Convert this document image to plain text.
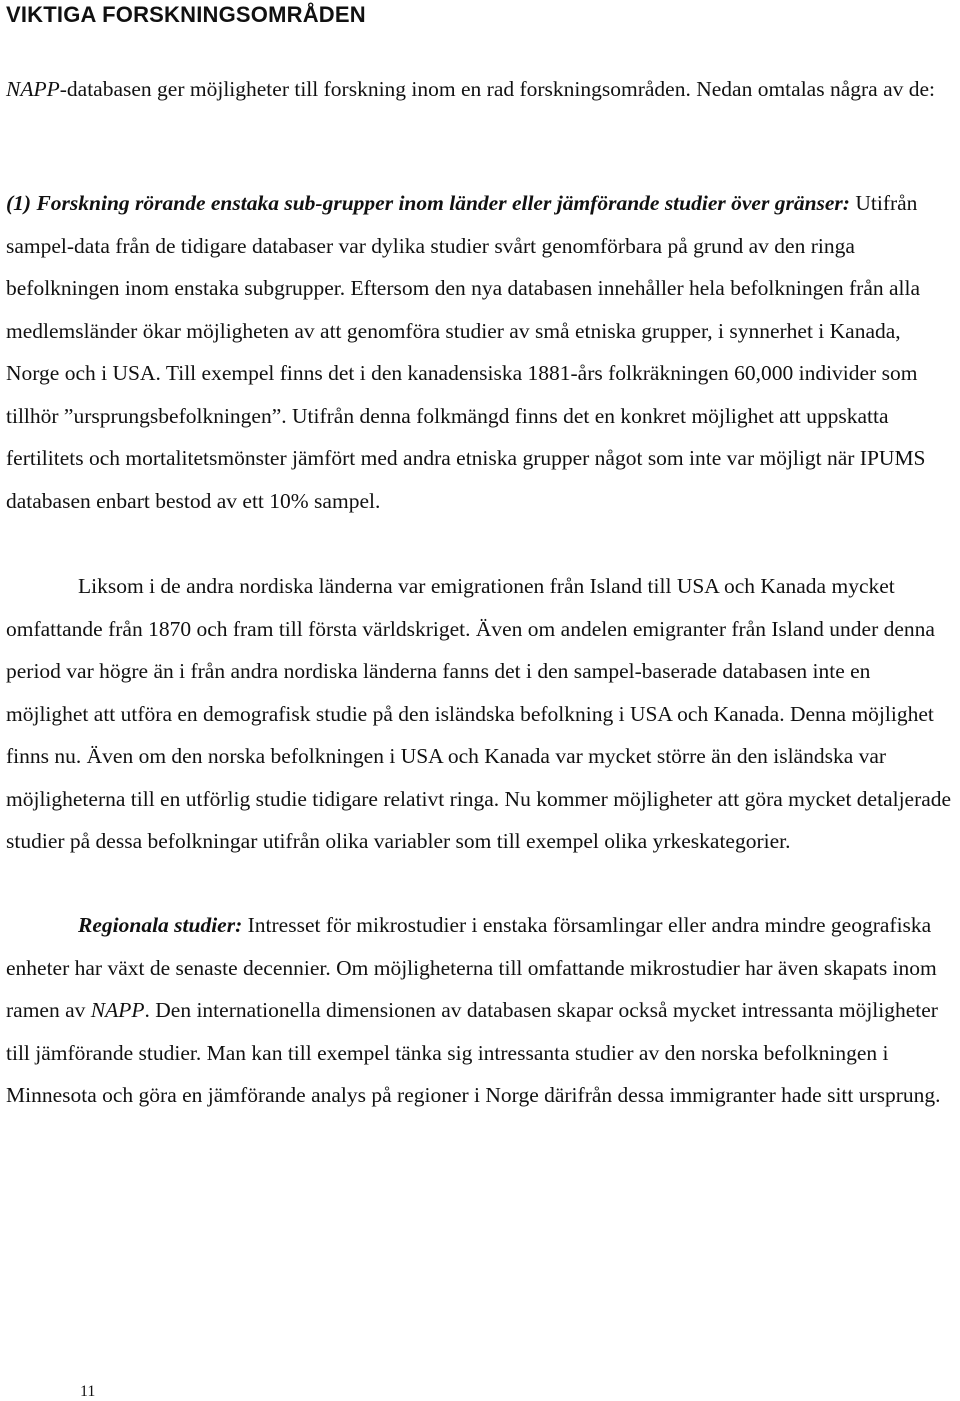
VIKTIGA FORSKNINGSOMRÅDEN

NAPP-databasen ger möjligheter till forskning inom en rad forskningsområden. Nedan omtalas några av de:

(1) Forskning rörande enstaka sub-grupper inom länder eller jämförande studier över gränser: Utifrån sampel-data från de tidigare databaser var dylika studier svårt genomförbara på grund av den ringa befolkningen inom enstaka subgrupper. Eftersom den nya databasen innehåller hela befolkningen från alla medlemsländer ökar möjligheten av att genomföra studier av små etniska grupper, i synnerhet i Kanada, Norge och i USA. Till exempel finns det i den kanadensiska 1881-års folkräkningen 60,000 individer som tillhör ”ursprungsbefolkningen”. Utifrån denna folkmängd finns det en konkret möjlighet att uppskatta fertilitets och mortalitetsmönster jämfört med andra etniska grupper något som inte var möjligt när IPUMS databasen enbart bestod av ett 10% sampel.

Liksom i de andra nordiska länderna var emigrationen från Island till USA och Kanada mycket omfattande från 1870 och fram till första världskriget. Även om andelen emigranter från Island under denna period var högre än i från andra nordiska länderna fanns det i den sampel-baserade databasen inte en möjlighet att utföra en demografisk studie på den isländska befolkning i USA och Kanada. Denna möjlighet finns nu. Även om den norska befolkningen i USA och Kanada var mycket större än den isländska var möjligheterna till en utförlig studie tidigare relativt ringa. Nu kommer möjligheter att göra mycket detaljerade studier på dessa befolkningar utifrån olika variabler som till exempel olika yrkeskategorier.

Regionala studier: Intresset för mikrostudier i enstaka församlingar eller andra mindre geografiska enheter har växt de senaste decennier. Om möjligheterna till omfattande mikrostudier har även skapats inom ramen av NAPP. Den internationella dimensionen av databasen skapar också mycket intressanta möjligheter till jämförande studier. Man kan till exempel tänka sig intressanta studier av den norska befolkningen i Minnesota och göra en jämförande analys på regioner i Norge därifrån dessa immigranter hade sitt ursprung.

11
